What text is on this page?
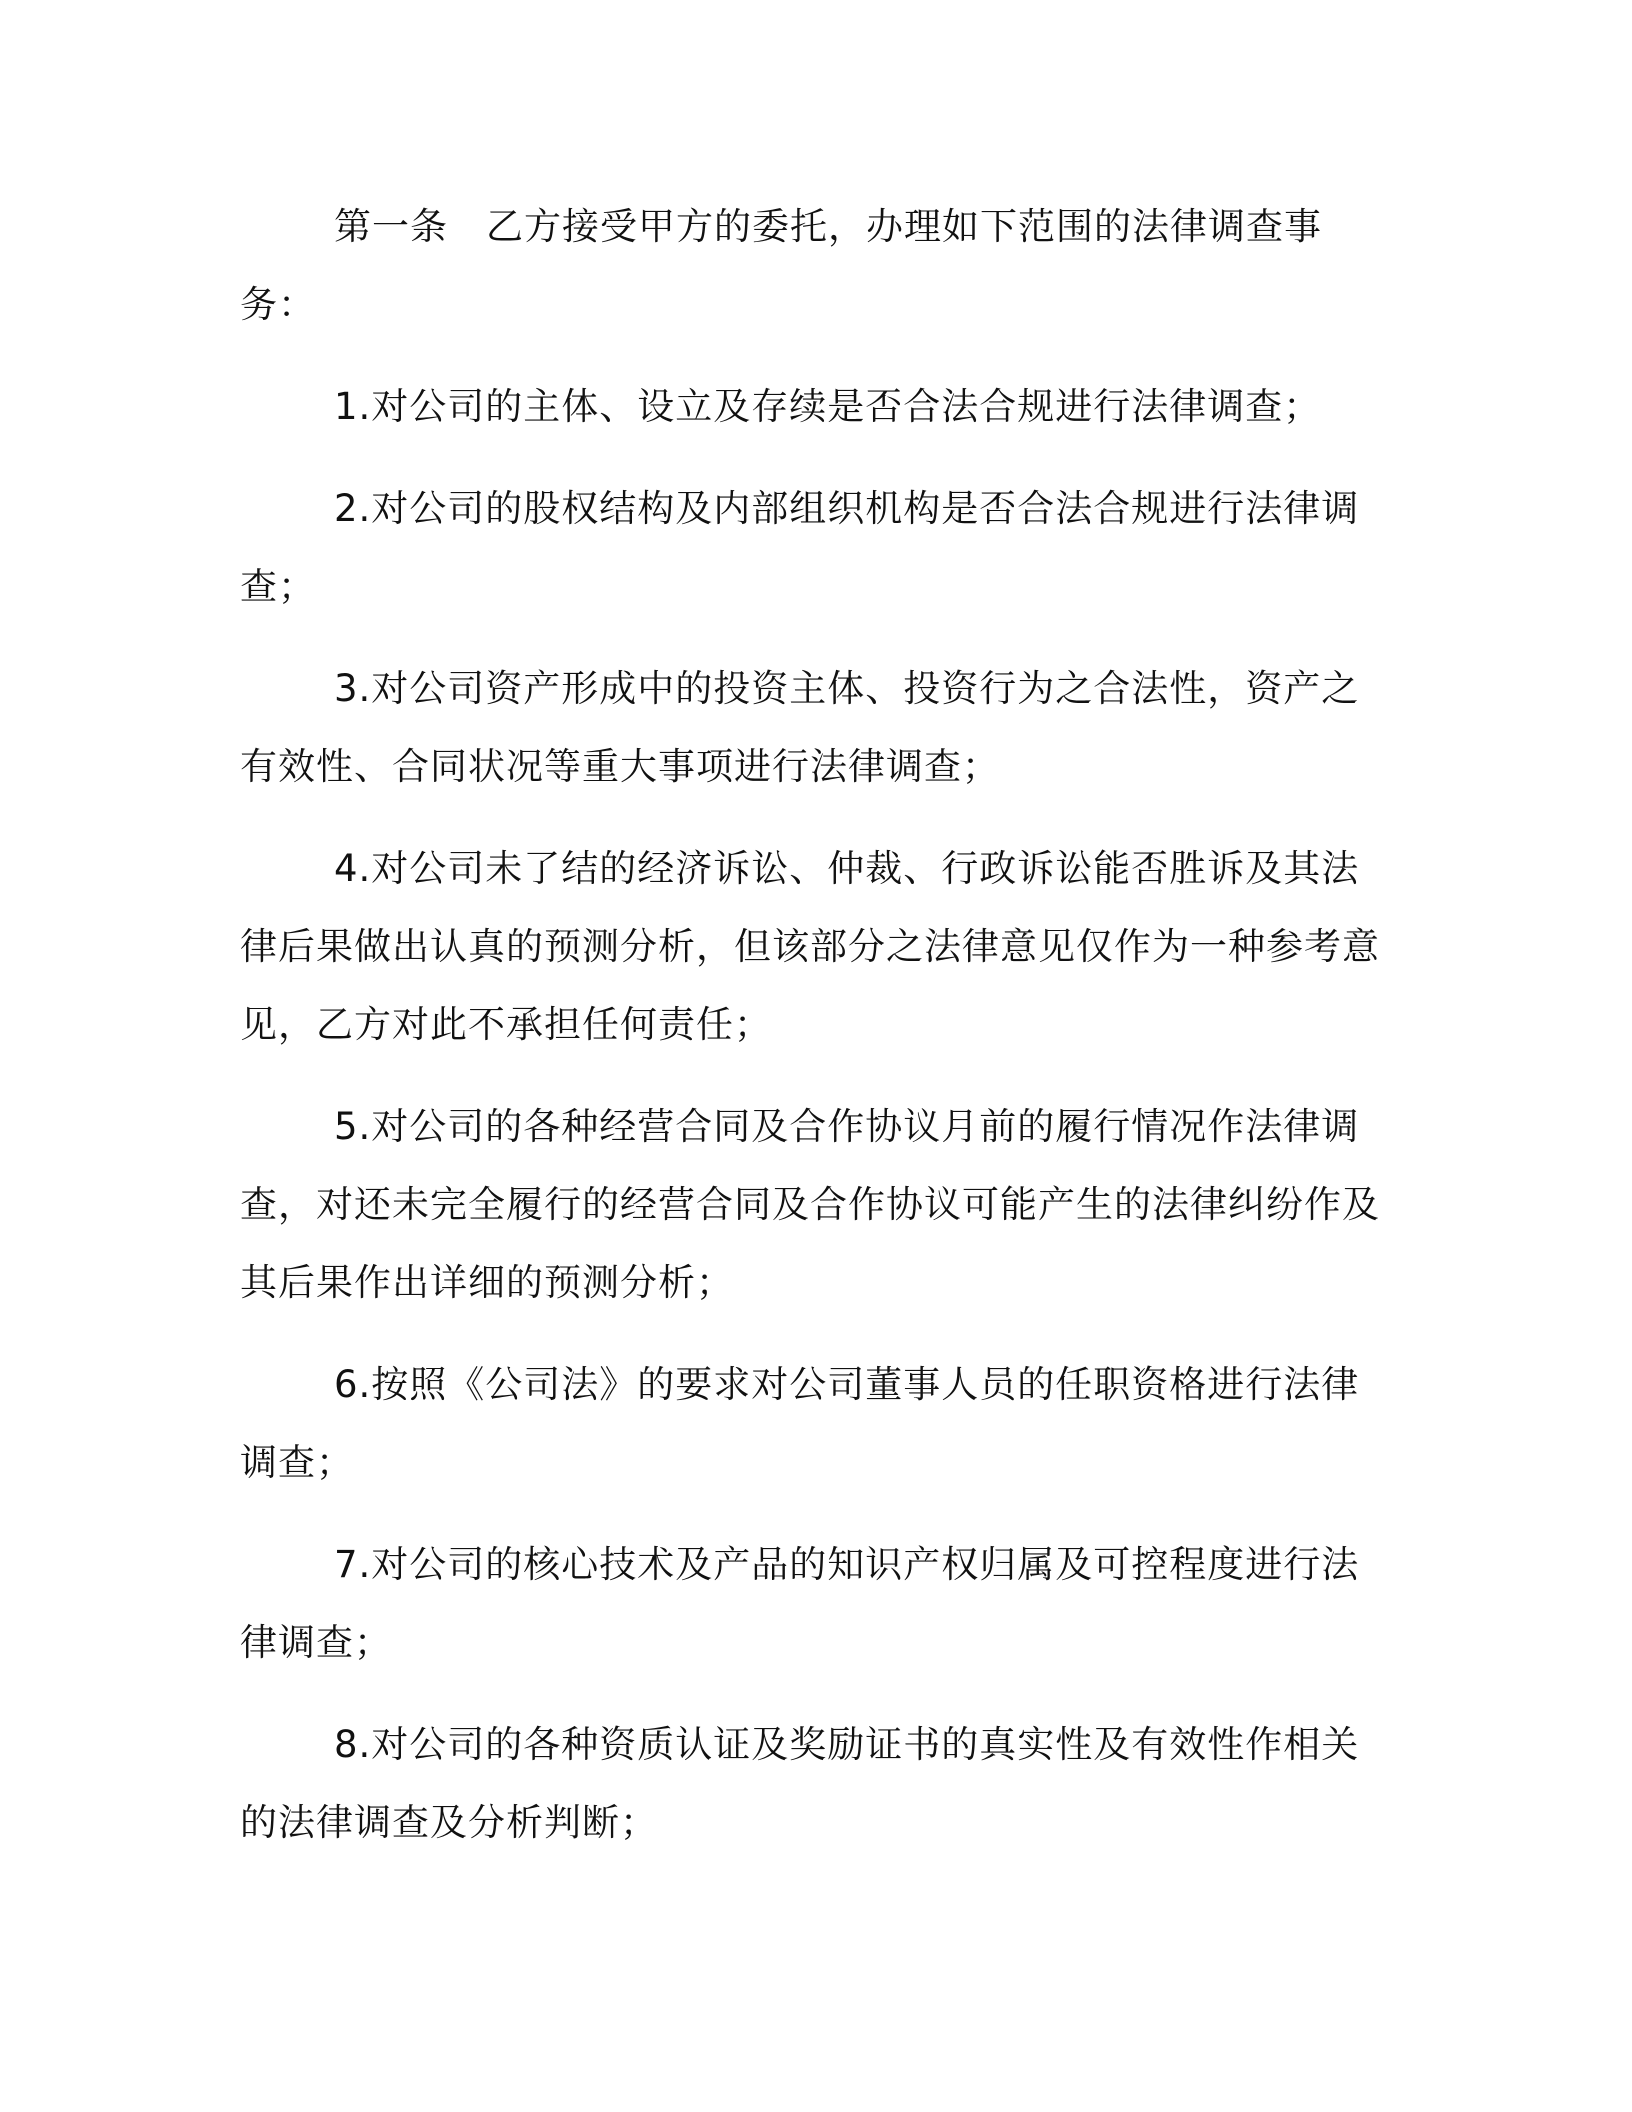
第一条 乙方接受甲方的委托，办理如下范围的法律调查事务：

1.对公司的主体、设立及存续是否合法合规进行法律调查；

2.对公司的股权结构及内部组织机构是否合法合规进行法律调查；

3.对公司资产形成中的投资主体、投资行为之合法性，资产之有效性、合同状况等重大事项进行法律调查；

4.对公司未了结的经济诉讼、仲裁、行政诉讼能否胜诉及其法律后果做出认真的预测分析，但该部分之法律意见仅作为一种参考意见，乙方对此不承担任何责任；

5.对公司的各种经营合同及合作协议月前的履行情况作法律调查，对还未完全履行的经营合同及合作协议可能产生的法律纠纷作及其后果作出详细的预测分析；

6.按照《公司法》的要求对公司董事人员的任职资格进行法律调查；

7.对公司的核心技术及产品的知识产权归属及可控程度进行法律调查；

8.对公司的各种资质认证及奖励证书的真实性及有效性作相关的法律调查及分析判断；
